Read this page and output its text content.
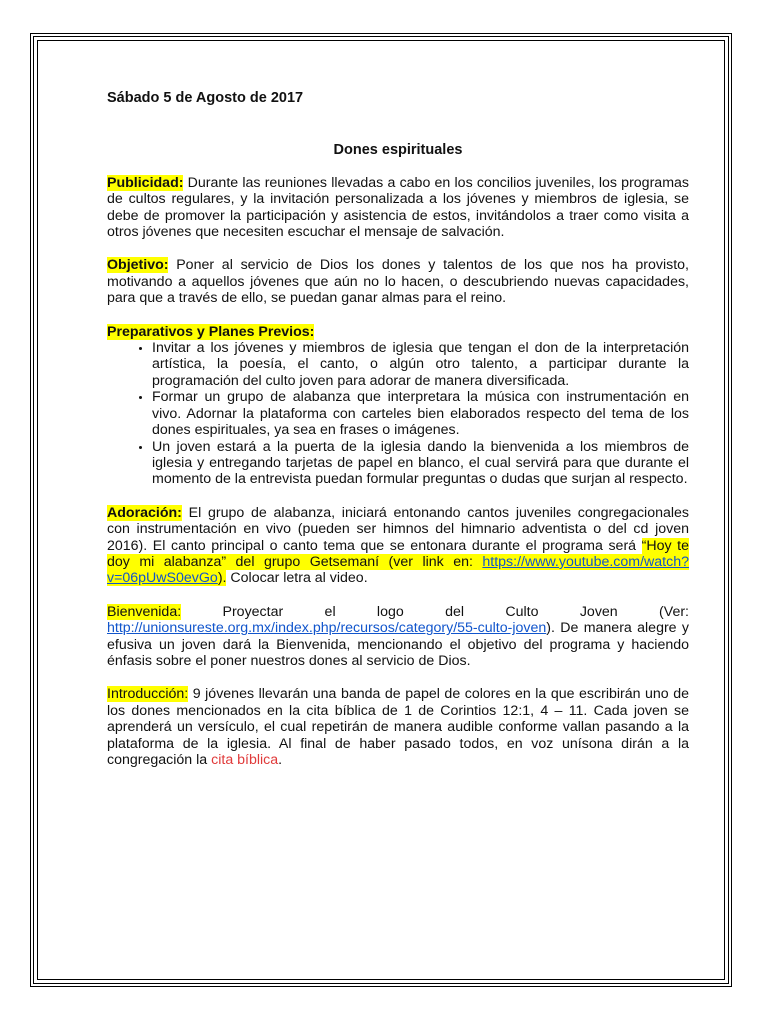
Sábado 5 de Agosto de 2017
Dones espirituales

Publicidad: Durante las reuniones llevadas a cabo en los concilios juveniles, los programas de cultos regulares, y la invitación personalizada a los jóvenes y miembros de iglesia, se debe de promover la participación y asistencia de estos, invitándolos a traer como visita a otros jóvenes que necesiten escuchar el mensaje de salvación.

Objetivo: Poner al servicio de Dios los dones y talentos de los que nos ha provisto, motivando a aquellos jóvenes que aún no lo hacen, o descubriendo nuevas capacidades, para que a través de ello, se puedan ganar almas para el reino.

Preparativos y Planes Previos:
• Invitar a los jóvenes y miembros de iglesia que tengan el don de la interpretación artística, la poesía, el canto, o algún otro talento, a participar durante la programación del culto joven para adorar de manera diversificada.
• Formar un grupo de alabanza que interpretara la música con instrumentación en vivo. Adornar la plataforma con carteles bien elaborados respecto del tema de los dones espirituales, ya sea en frases o imágenes.
• Un joven estará a la puerta de la iglesia dando la bienvenida a los miembros de iglesia y entregando tarjetas de papel en blanco, el cual servirá para que durante el momento de la entrevista puedan formular preguntas o dudas que surjan al respecto.

Adoración: El grupo de alabanza, iniciará entonando cantos juveniles congregacionales con instrumentación en vivo (pueden ser himnos del himnario adventista o del cd joven 2016). El canto principal o canto tema que se entonara durante el programa será “Hoy te doy mi alabanza” del grupo Getsemaní (ver link en: https://www.youtube.com/watch?v=06pUwS0evGo). Colocar letra al video.

Bienvenida: Proyectar el logo del Culto Joven (Ver: http://unionsureste.org.mx/index.php/recursos/category/55-culto-joven). De manera alegre y efusiva un joven dará la Bienvenida, mencionando el objetivo del programa y haciendo énfasis sobre el poner nuestros dones al servicio de Dios.

Introducción: 9 jóvenes llevarán una banda de papel de colores en la que escribirán uno de los dones mencionados en la cita bíblica de 1 de Corintios 12:1, 4 – 11. Cada joven se aprenderá un versículo, el cual repetirán de manera audible conforme vallan pasando a la plataforma de la iglesia. Al final de haber pasado todos, en voz unísona dirán a la congregación la cita bíblica.
